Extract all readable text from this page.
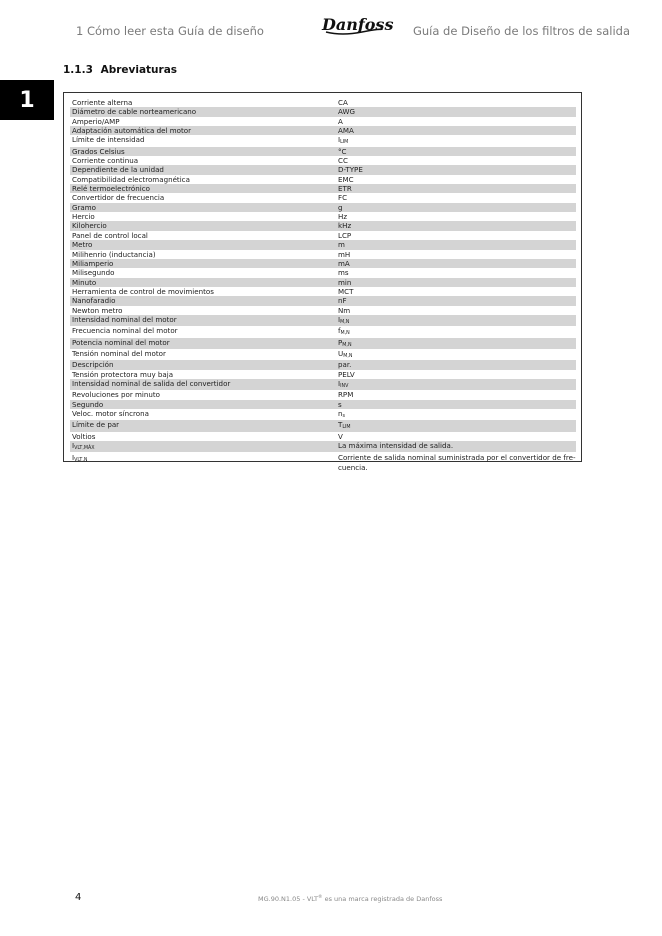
1 Cómo leer esta Guía de diseño	Danfoss Guía de Diseño de los filtros de salida
1
1.1.3 Abreviaturas
Corriente alterna	CA
Diámetro de cable norteamericano	AWG
Amperio/AMP	A
Adaptación automática del motor	AMA
Límite de intensidad	$I_{LIM}$
Grados Celsius	°C
Corriente continua	CC
Dependiente de la unidad	D-TYPE
Compatibilidad electromagnética	EMC
Relé termoelectrónico	ETR
Convertidor de frecuencia	FC
Gramo	g
Hercio	Hz
Kilohercio	kHz
Panel de control local	LCP
Metro	m
Milihenrio (inductancia)	mH
Miliamperio	mA
Milisegundo	ms
Minuto	min
Herramienta de control de movimientos	MCT
Nanofaradio	nF
Newton metro	Nm
Intensidad nominal del motor	$I_{M,N}$
Frecuencia nominal del motor	$f_{M,N}$
Potencia nominal del motor	$P_{M,N}$
Tensión nominal del motor	$U_{M,N}$
Descripción	par.
Tensión protectora muy baja	PELV
Intensidad nominal de salida del convertidor	$I_{INV}$
Revoluciones por minuto	RPM
Segundo	s
Veloc. motor síncrona	$n_s$
Límite de par	$T_{LIM}$
Voltios	V
$I_{VLT,MÁX}$	La máxima intensidad de salida.
$I_{VLT,N}$	Corriente de salida nominal suministrada por el convertidor de fre-cuencia.
4	MG.90.N1.05 - VLT® es una marca registrada de Danfoss
